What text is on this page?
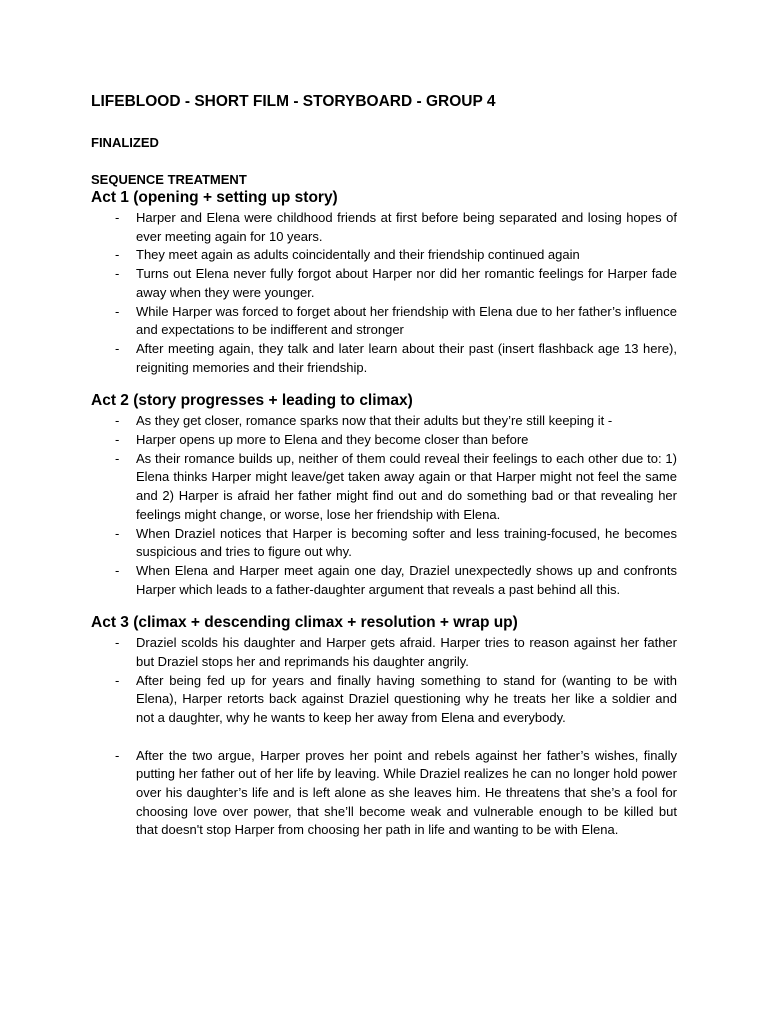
LIFEBLOOD - SHORT FILM - STORYBOARD - GROUP 4
FINALIZED
SEQUENCE TREATMENT
Act 1 (opening + setting up story)
- Harper and Elena were childhood friends at first before being separated and losing hopes of ever meeting again for 10 years.
- They meet again as adults coincidentally and their friendship continued again
- Turns out Elena never fully forgot about Harper nor did her romantic feelings for Harper fade away when they were younger.
- While Harper was forced to forget about her friendship with Elena due to her father’s influence and expectations to be indifferent and stronger
- After meeting again, they talk and later learn about their past (insert flashback age 13 here), reigniting memories and their friendship.
Act 2 (story progresses + leading to climax)
- As they get closer, romance sparks now that their adults but they’re still keeping it -
- Harper opens up more to Elena and they become closer than before
- As their romance builds up, neither of them could reveal their feelings to each other due to: 1) Elena thinks Harper might leave/get taken away again or that Harper might not feel the same and 2) Harper is afraid her father might find out and do something bad or that revealing her feelings might change, or worse, lose her friendship with Elena.
- When Draziel notices that Harper is becoming softer and less training-focused, he becomes suspicious and tries to figure out why.
- When Elena and Harper meet again one day, Draziel unexpectedly shows up and confronts Harper which leads to a father-daughter argument that reveals a past behind all this.
Act 3 (climax + descending climax + resolution + wrap up)
- Draziel scolds his daughter and Harper gets afraid. Harper tries to reason against her father but Draziel stops her and reprimands his daughter angrily.
- After being fed up for years and finally having something to stand for (wanting to be with Elena), Harper retorts back against Draziel questioning why he treats her like a soldier and not a daughter, why he wants to keep her away from Elena and everybody.
- After the two argue, Harper proves her point and rebels against her father’s wishes, finally putting her father out of her life by leaving. While Draziel realizes he can no longer hold power over his daughter’s life and is left alone as she leaves him. He threatens that she’s a fool for choosing love over power, that she’ll become weak and vulnerable enough to be killed but that doesn't stop Harper from choosing her path in life and wanting to be with Elena.
